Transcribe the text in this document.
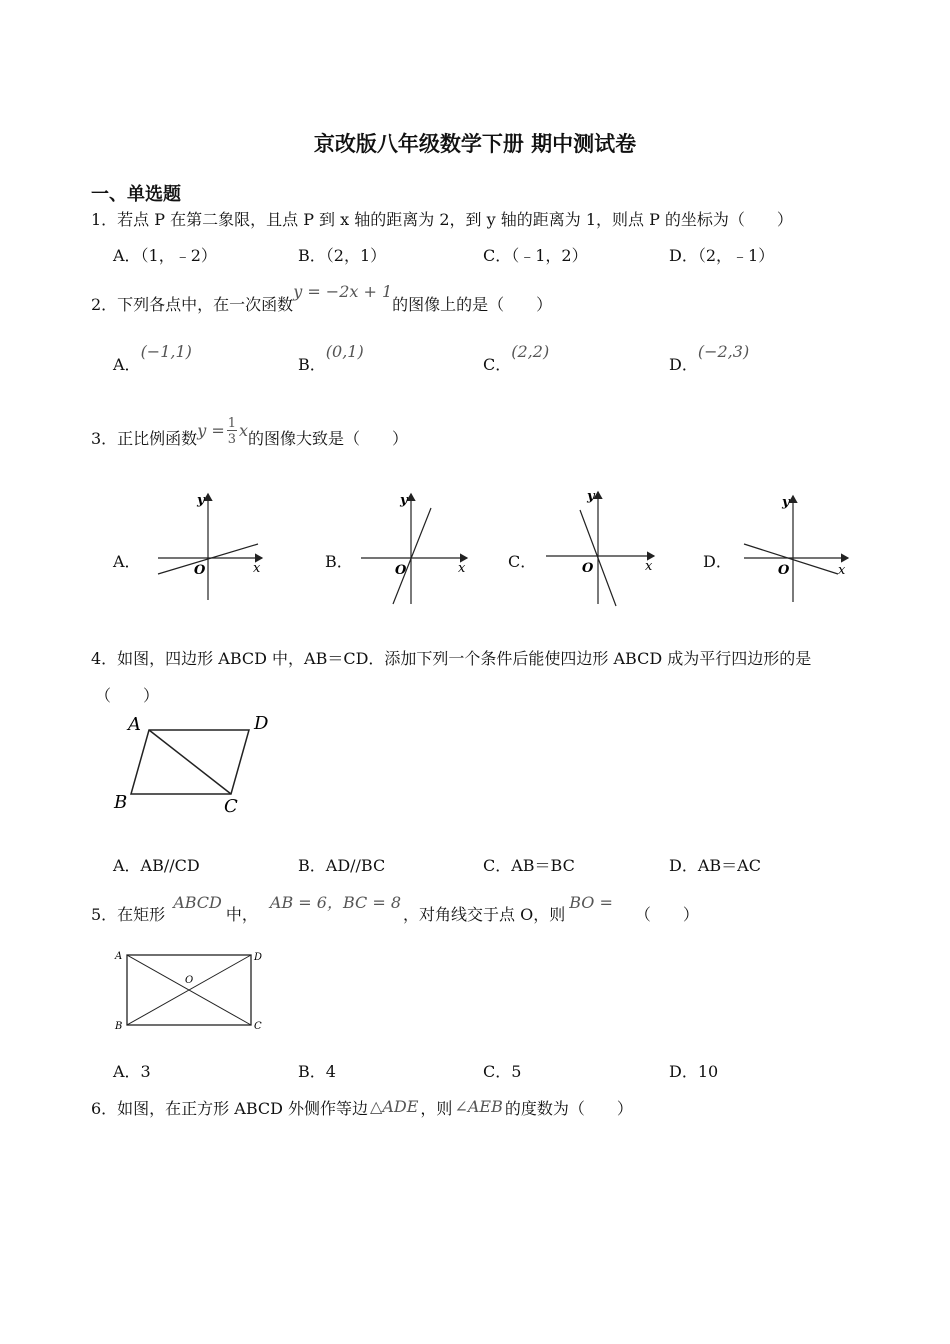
京改版八年级数学下册 期中测试卷
一、单选题
1．若点 P 在第二象限，且点 P 到 x 轴的距离为 2，到 y 轴的距离为 1，则点 P 的坐标为（　　）
A．（1，﹣2）	B．（2，1）	C．（﹣1，2）	D．（2，﹣1）
2．下列各点中，在一次函数y = −2x + 1的图像上的是（　　）
A．(−1,1)
B．(0,1)
C．(2,2)
D．(−2,3)
3．正比例函数$y = \frac{1}{3}$ x的图像大致是（　　）
A．	B．	C．	D．
y
x
O
y
x
O
y
x
O
y
x
O
4．如图，四边形 ABCD 中，AB＝CD．添加下列一个条件后能使四边形 ABCD 成为平行四边形的是
（　　）
A	D
B	C
A．AB//CD	B．AD//BC	C．AB＝BC	D．AB＝AC
5．在矩形ABCD中，AB = 6，BC = 8，对角线交于点 O，则BO =（　　）
A	D
B	C
O
A．3	B．4	C．5	D．10
6．如图，在正方形 ABCD 外侧作等边 △ADE ，则 ∠AEB 的度数为（　　）
